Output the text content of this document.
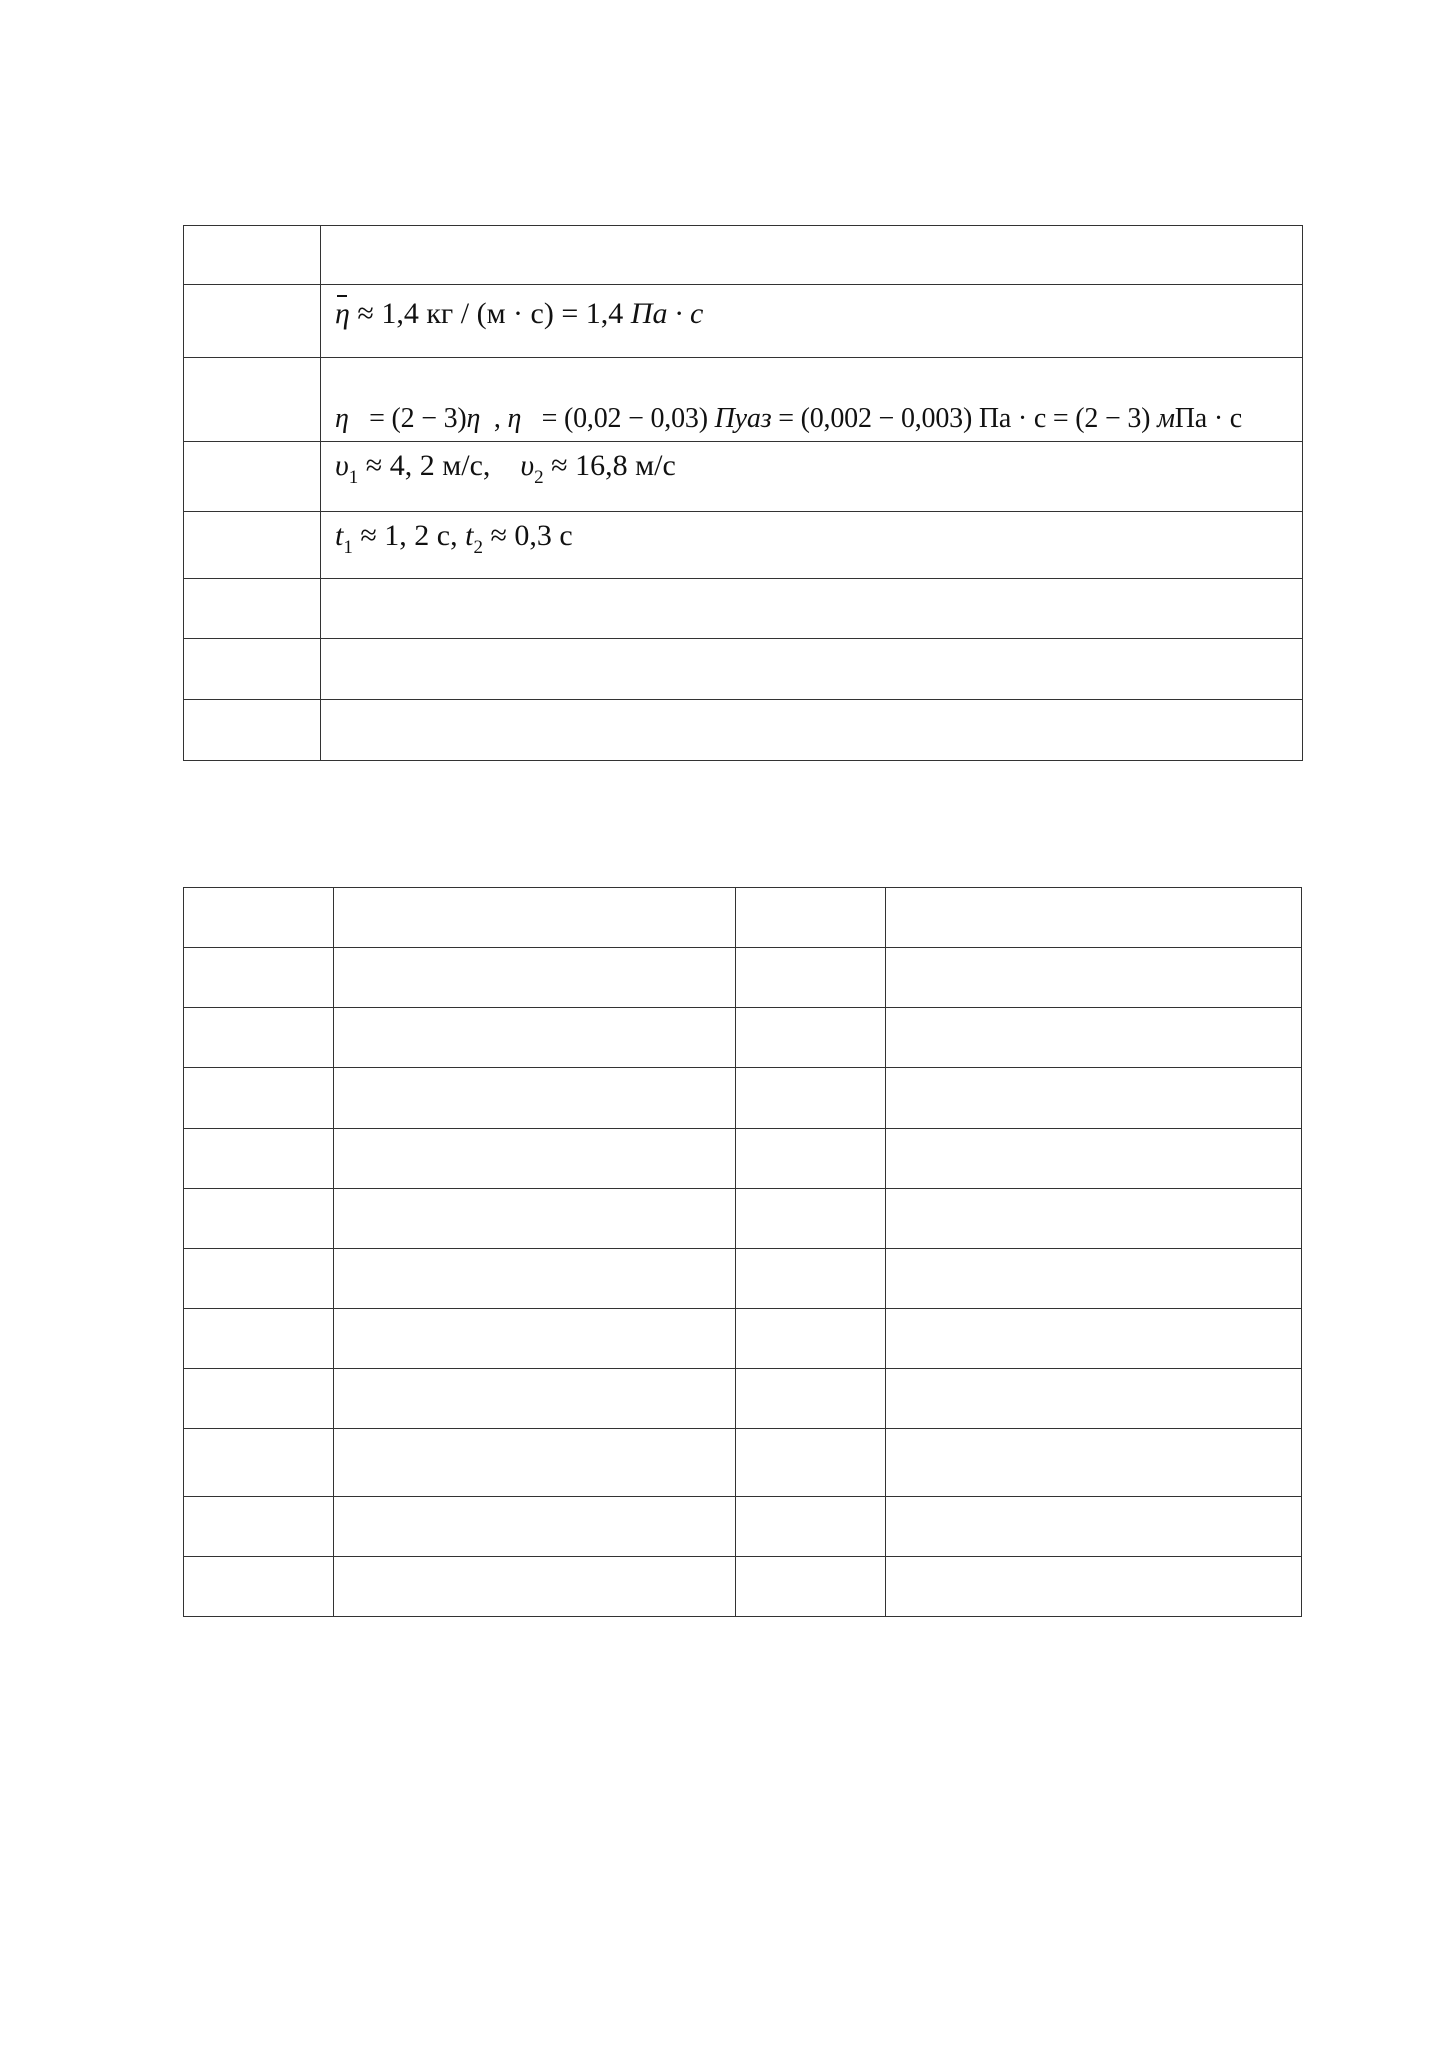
	η ≈ 1,4 кг / (м · с) = 1,4 Па · с

	η = (2 − 3)η , η = (0,02 − 0,03) Пуаз = (0,002 − 0,003) Па · с = (2 − 3) мПа · с

	$\upsilon_1 \approx 4$, 2 м/с, $\upsilon_2 \approx 16,8$ м/с

	$t_1 \approx 1$, 2 с, $t_2 \approx 0,3$ с
